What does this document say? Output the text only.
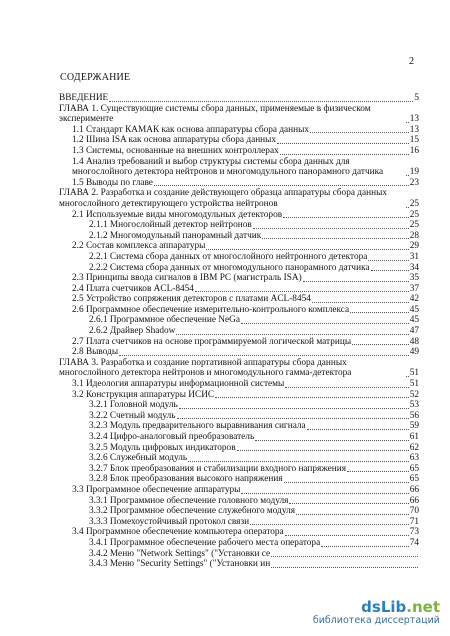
2
СОДЕРЖАНИЕ
ВВЕДЕНИЕ	5
ГЛАВА 1. Существующие системы сбора данных, применяемые в физическом эксперименте	13
1.1 Стандарт КАМАК как основа аппаратуры сбора данных	13
1.2 Шина ISA как основа аппаратуры сбора данных	15
1.3 Системы, основанные на внешних контроллерах	16
1.4 Анализ требований и выбор структуры системы сбора данных для многослойного детектора нейтронов и многомодульного панорамного датчика	19
1.5 Выводы по главе	23
ГЛАВА 2. Разработка и создание действующего образца аппаратуры сбора данных многослойного детектирующего устройства нейтронов	25
2.1 Используемые виды многомодульных детекторов	25
2.1.1 Многослойный детектор нейтронов	25
2.1.2 Многомодульный панорамный датчик	28
2.2 Состав комплекса аппаратуры	29
2.2.1 Система сбора данных от многослойного нейтронного детектора	31
2.2.2 Система сбора данных от многомодульного панорамного датчика	34
2.3 Принципы ввода сигналов в IBM PC (магистраль ISA)	35
2.4 Плата счетчиков ACL-8454	37
2.5 Устройство сопряжения детекторов с платами ACL-8454	42
2.6 Программное обеспечение измерительно-контрольного комплекса	45
2.6.1 Программное обеспечение NeGa	45
2.6.2 Драйвер Shadow	47
2.7 Плата счетчиков на основе программируемой логической матрицы	48
2.8 Выводы	49
ГЛАВА 3. Разработка и создание портативной аппаратуры сбора данных многослойного детектора нейтронов и многомодульного гамма-детектора	51
3.1 Идеология аппаратуры информационной системы	51
3.2 Конструкция аппаратуры ИСИС	52
3.2.1 Головной модуль	53
3.2.2 Счетный модуль	56
3.2.3 Модуль предварительного выравнивания сигнала	59
3.2.4 Цифро-аналоговый преобразователь	61
3.2.5 Модуль цифровых индикаторов	62
3.2.6 Служебный модуль	63
3.2.7 Блок преобразования и стабилизации входного напряжения	65
3.2.8 Блок преобразования высокого напряжения	65
3.3 Программное обеспечение аппаратуры	66
3.3.1 Программное обеспечение головного модуля	66
3.3.2 Программное обеспечение служебного модуля	70
3.3.3 Помехоустойчивый протокол связи	71
3.4 Программное обеспечение компьютера оператора	73
3.4.1 Программное обеспечение рабочего места оператора	74
3.4.2 Меню "Network Settings" ("Установки се
3.4.3 Меню "Security Settings" ("Установки ин
dsLib.net
библиотека диссертаций
